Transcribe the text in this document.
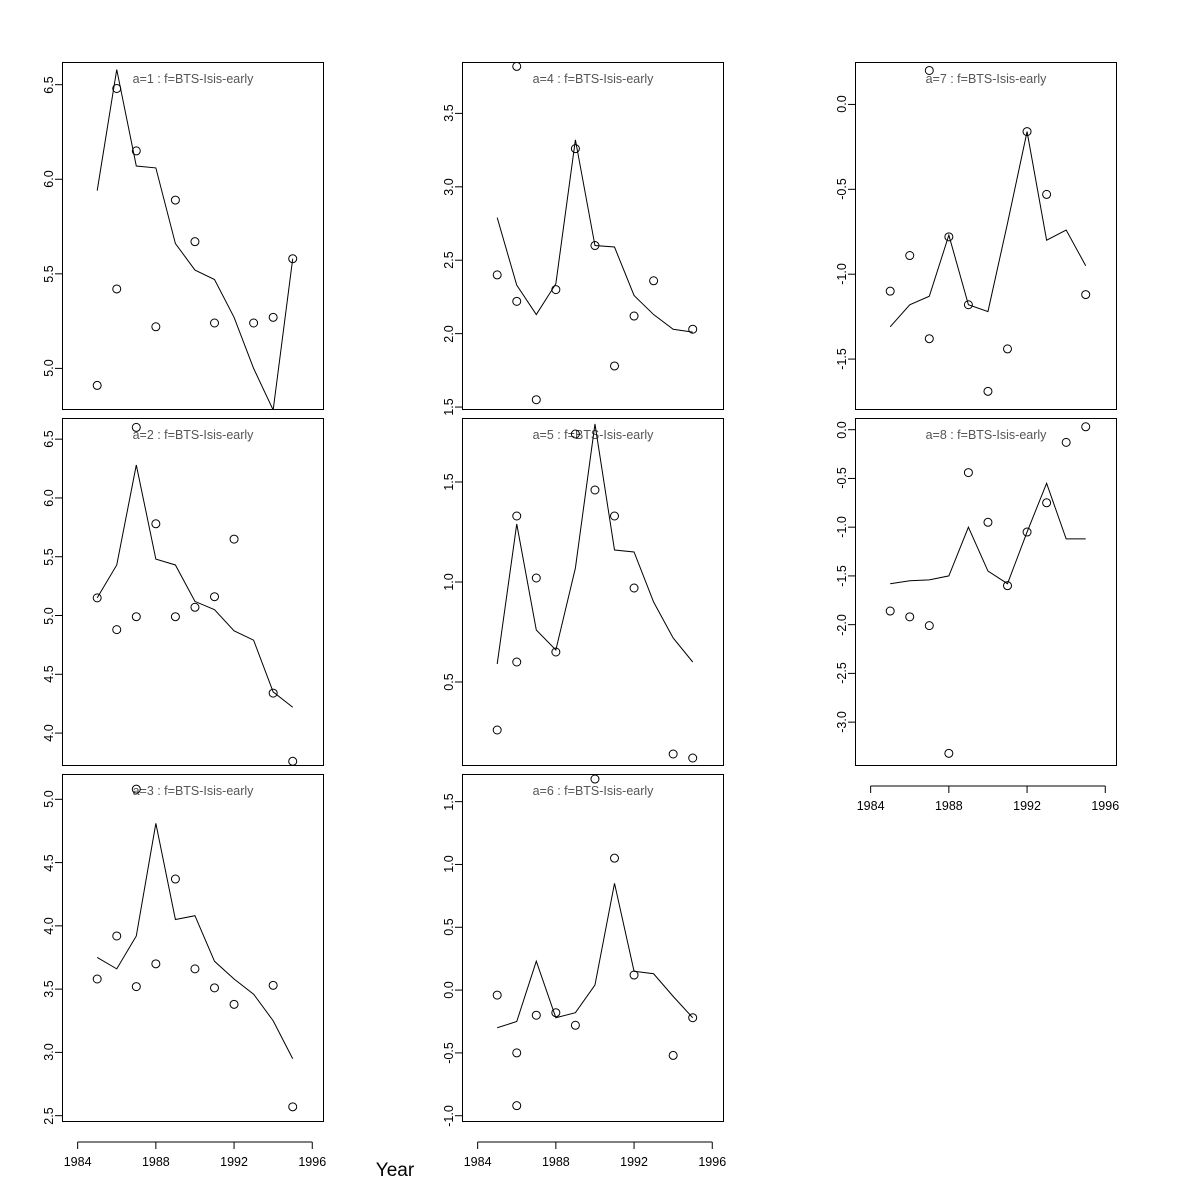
a=1 : f=BTS-Isis-early
5.0
5.5
6.0
6.5
a=2 : f=BTS-Isis-early
4.0
4.5
5.0
5.5
6.0
6.5
a=3 : f=BTS-Isis-early
2.5
3.0
3.5
4.0
4.5
5.0
1984	1988	1992	1996
a=4 : f=BTS-Isis-early
1.5
2.0
2.5
3.0
3.5
a=5 : f=BTS-Isis-early
0.5
1.0
1.5
a=6 : f=BTS-Isis-early
-1.0
-0.5
0.0
0.5
1.0
1.5
1984	1988	1992	1996
a=7 : f=BTS-Isis-early
-1.5
-1.0
-0.5
0.0
a=8 : f=BTS-Isis-early
-3.0
-2.5
-2.0
-1.5
-1.0
-0.5
0.0
1984	1988	1992	1996
Year
